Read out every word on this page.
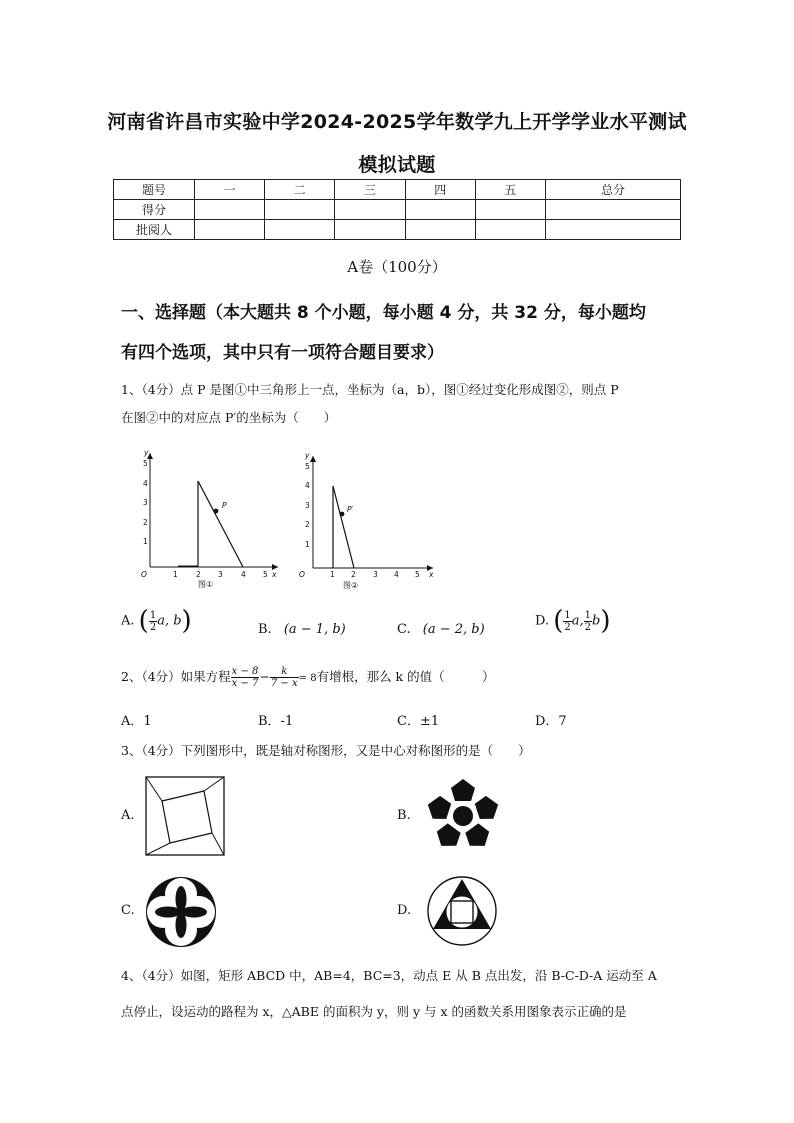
河南省许昌市实验中学2024-2025学年数学九上开学学业水平测试
模拟试题
题号	一	二	三	四	五	总分
得分						
批阅人						
A卷（100分）
一、选择题（本大题共 8 个小题，每小题 4 分，共 32 分，每小题均
有四个选项，其中只有一项符合题目要求）
1、（4分）点 P 是图①中三角形上一点，坐标为（a，b），图①经过变化形成图②，则点 P
在图②中的对应点 P′的坐标为（　　）
5
4
3
2
1
1 2 3 4 5
O	x
y
P
图①
5
4
3
2
1
1 2 3 4 5
O	x
y
P′
图②
A. ( $\frac{1}{2} a$, b)	B. (a − 1, b)	C. (a − 2, b)
D. ( $\frac{1}{2} a$, $\frac{1}{2} b$)
2、（4分）如果方程 $\frac{x - 8}{x - 7} - \frac{k}{7 - x} = 8$有增根，那么 k 的值（　　　）
A．1	B．-1	C．±1	D．7
3、（4分）下列图形中，既是轴对称图形，又是中心对称图形的是（　　）
A.	B.
C.	D.
4、（4分）如图，矩形 ABCD 中，AB=4，BC=3，动点 E 从 B 点出发，沿 B-C-D-A 运动至 A
点停止，设运动的路程为 x，△ABE 的面积为 y，则 y 与 x 的函数关系用图象表示正确的是
